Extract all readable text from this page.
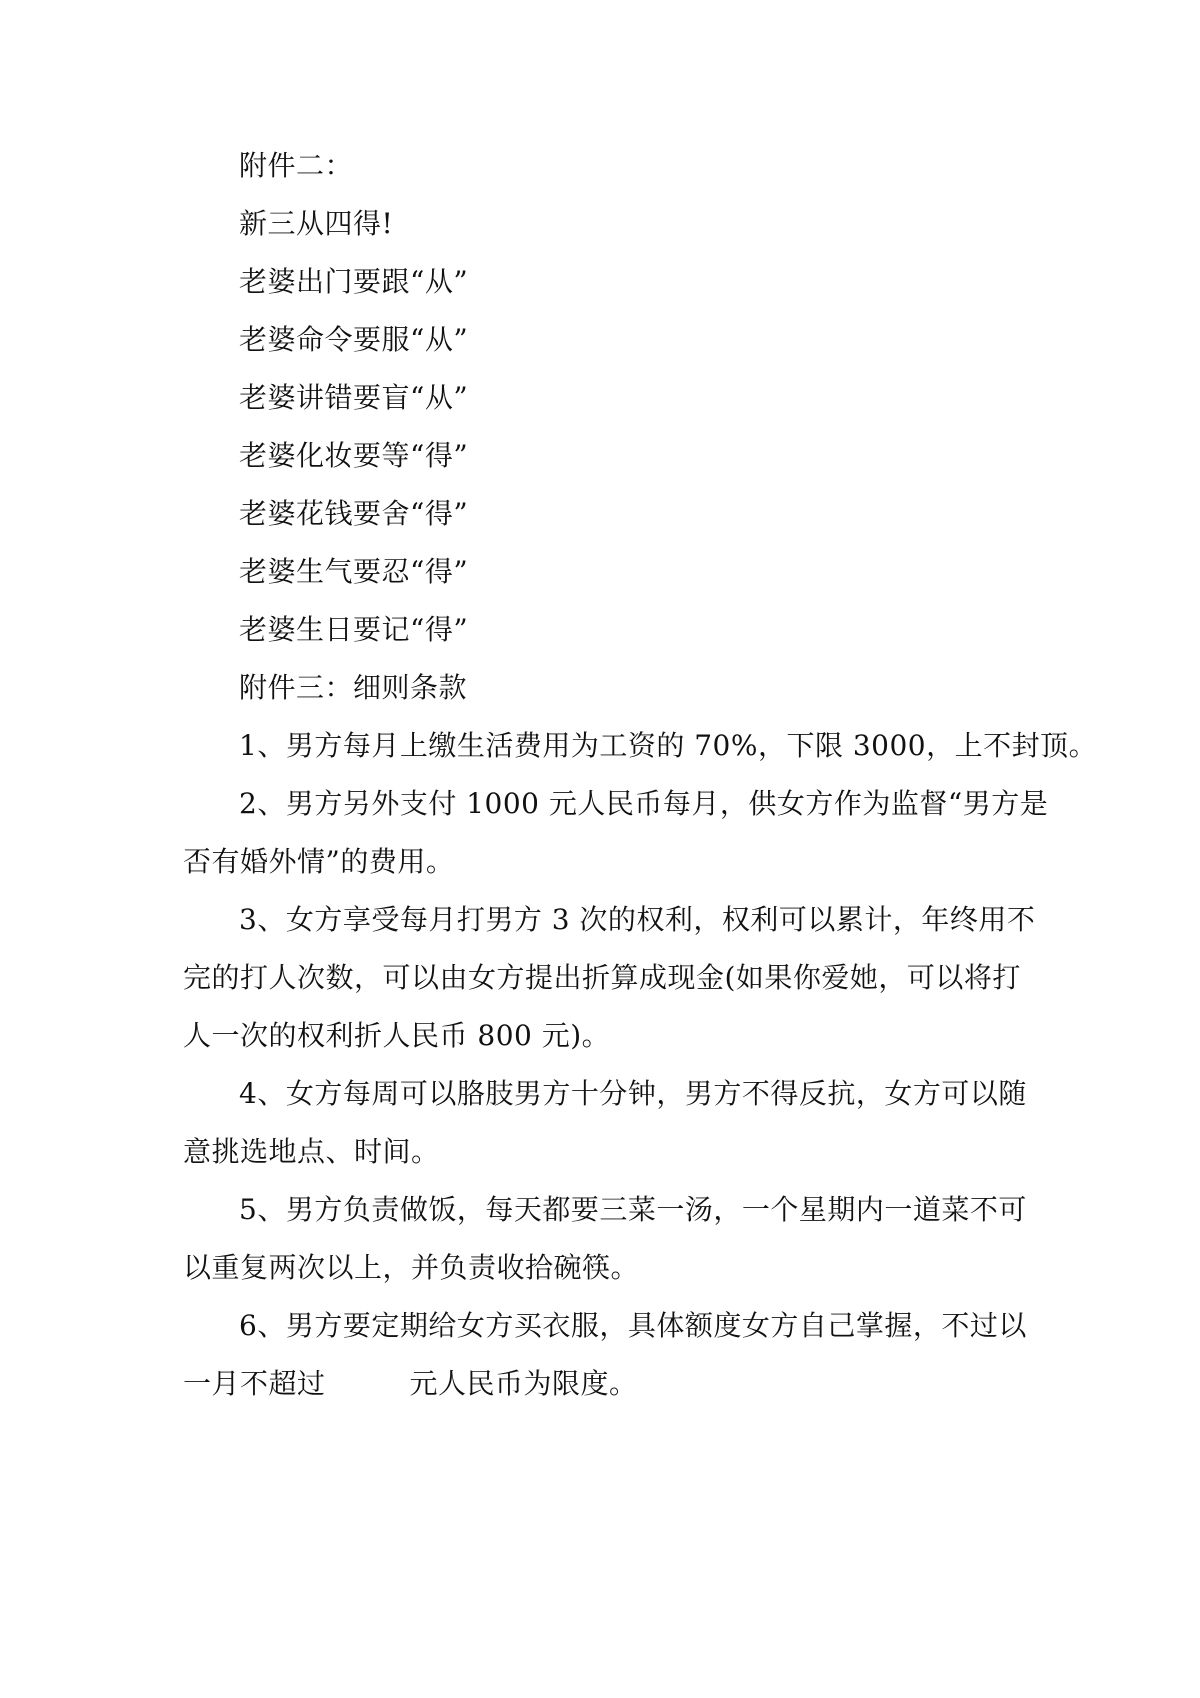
附件二：
新三从四得!
老婆出门要跟“从”
老婆命令要服“从”
老婆讲错要盲“从”
老婆化妆要等“得”
老婆花钱要舍“得”
老婆生气要忍“得”
老婆生日要记“得”
附件三：细则条款
1、男方每月上缴生活费用为工资的 70%，下限 3000，上不封顶。
2、男方另外支付 1000 元人民币每月，供女方作为监督“男方是
否有婚外情”的费用。
3、女方享受每月打男方 3 次的权利，权利可以累计，年终用不
完的打人次数，可以由女方提出折算成现金(如果你爱她，可以将打
人一次的权利折人民币 800 元)。
4、女方每周可以胳肢男方十分钟，男方不得反抗，女方可以随
意挑选地点、时间。
5、男方负责做饭，每天都要三菜一汤，一个星期内一道菜不可
以重复两次以上，并负责收拾碗筷。
6、男方要定期给女方买衣服，具体额度女方自己掌握，不过以
一月不超过	元人民币为限度。
